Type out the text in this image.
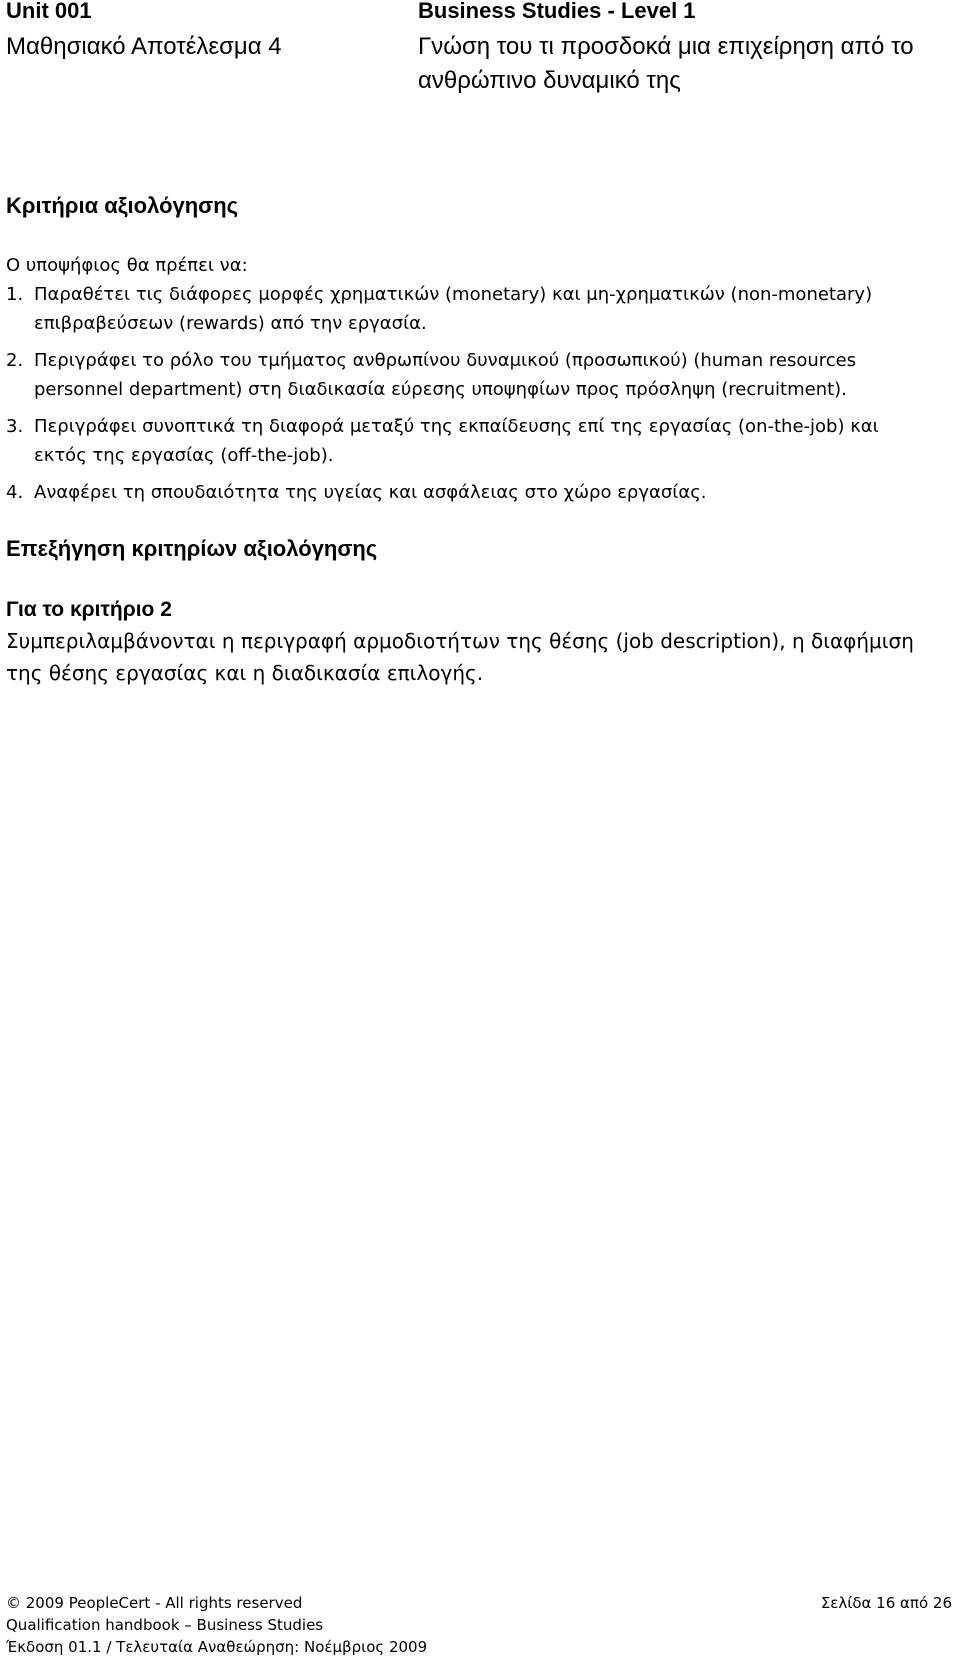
Unit 001
Μαθησιακό Αποτέλεσμα 4
Business Studies - Level 1
Γνώση του τι προσδοκά μια επιχείρηση από το ανθρώπινο δυναμικό της
Κριτήρια αξιολόγησης
Ο υποψήφιος θα πρέπει να:
1. Παραθέτει τις διάφορες μορφές χρηματικών (monetary) και μη-χρηματικών (non-monetary) επιβραβεύσεων (rewards) από την εργασία.
2. Περιγράφει το ρόλο του τμήματος ανθρωπίνου δυναμικού (προσωπικού) (human resources personnel department) στη διαδικασία εύρεσης υποψηφίων προς πρόσληψη (recruitment).
3. Περιγράφει συνοπτικά τη διαφορά μεταξύ της εκπαίδευσης επί της εργασίας (on-the-job) και εκτός της εργασίας (off-the-job).
4. Αναφέρει τη σπουδαιότητα της υγείας και ασφάλειας στο χώρο εργασίας.
Επεξήγηση κριτηρίων αξιολόγησης
Για το κριτήριο 2
Συμπεριλαμβάνονται η περιγραφή αρμοδιοτήτων της θέσης (job description), η διαφήμιση της θέσης εργασίας και η διαδικασία επιλογής.
© 2009 PeopleCert - All rights reserved	Σελίδα 16 από 26
Qualification handbook – Business Studies
Έκδοση 01.1 / Τελευταία Αναθεώρηση: Νοέμβριος 2009
